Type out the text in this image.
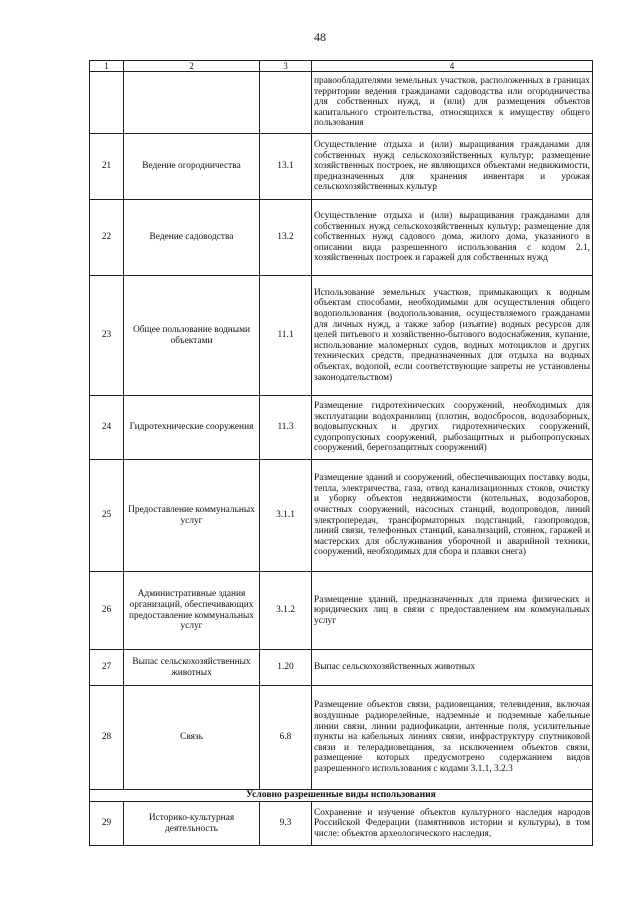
48
1	2	3	4
			правообладателями земельных участков, расположенных в границах территории ведения гражданами садоводства или огородничества для собственных нужд, и (или) для размещения объектов капитального строительства, относящихся к имуществу общего пользования
21	Ведение огородничества	13.1	Осуществление отдыха и (или) выращивания гражданами для собственных нужд сельскохозяйственных культур; размещение хозяйственных построек, не являющихся объектами недвижимости, предназначенных для хранения инвентаря и урожая сельскохозяйственных культур
22	Ведение садоводства	13.2	Осуществление отдыха и (или) выращивания гражданами для собственных нужд сельскохозяйственных культур; размещение для собственных нужд садового дома, жилого дома, указанного в описании вида разрешенного использования с кодом 2.1, хозяйственных построек и гаражей для собственных нужд
23	Общее пользование водными объектами	11.1	Использование земельных участков, примыкающих к водным объектам способами, необходимыми для осуществления общего водопользования (водопользования, осуществляемого гражданами для личных нужд, а также забор (изъятие) водных ресурсов для целей питьевого и хозяйственно-бытового водоснабжения, купание, использование маломерных судов, водных мотоциклов и других технических средств, предназначенных для отдыха на водных объектах, водопой, если соответствующие запреты не установлены законодательством)
24	Гидротехнические сооружения	11.3	Размещение гидротехнических сооружений, необходимых для эксплуатации водохранилищ (плотин, водосбросов, водозаборных, водовыпускных и других гидротехнических сооружений, судопропускных сооружений, рыбозащитных и рыбопропускных сооружений, берегозащитных сооружений)
25	Предоставление коммунальных услуг	3.1.1	Размещение зданий и сооружений, обеспечивающих поставку воды, тепла, электричества, газа, отвод канализационных стоков, очистку и уборку объектов недвижимости (котельных, водозаборов, очистных сооружений, насосных станций, водопроводов, линий электропередач, трансформаторных подстанций, газопроводов, линий связи, телефонных станций, канализаций, стоянок, гаражей и мастерских для обслуживания уборочной и аварийной техники, сооружений, необходимых для сбора и плавки снега)
26	Административные здания организаций, обеспечивающих предоставление коммунальных услуг	3.1.2	Размещение зданий, предназначенных для приема физических и юридических лиц в связи с предоставлением им коммунальных услуг
27	Выпас сельскохозяйственных животных	1.20	Выпас сельскохозяйственных животных
28	Связь	6.8	Размещение объектов связи, радиовещания, телевидения, включая воздушные радиорелейные, надземные и подземные кабельные линии связи, линии радиофикации, антенные поля, усилительные пункты на кабельных линиях связи, инфраструктуру спутниковой связи и телерадиовещания, за исключением объектов связи, размещение которых предусмотрено содержанием видов разрешенного использования с кодами 3.1.1, 3.2.3
Условно разрешенные виды использования			
29	Историко-культурная деятельность	9.3	Сохранение и изучение объектов культурного наследия народов Российской Федерации (памятников истории и культуры), в том числе: объектов археологического наследия,
